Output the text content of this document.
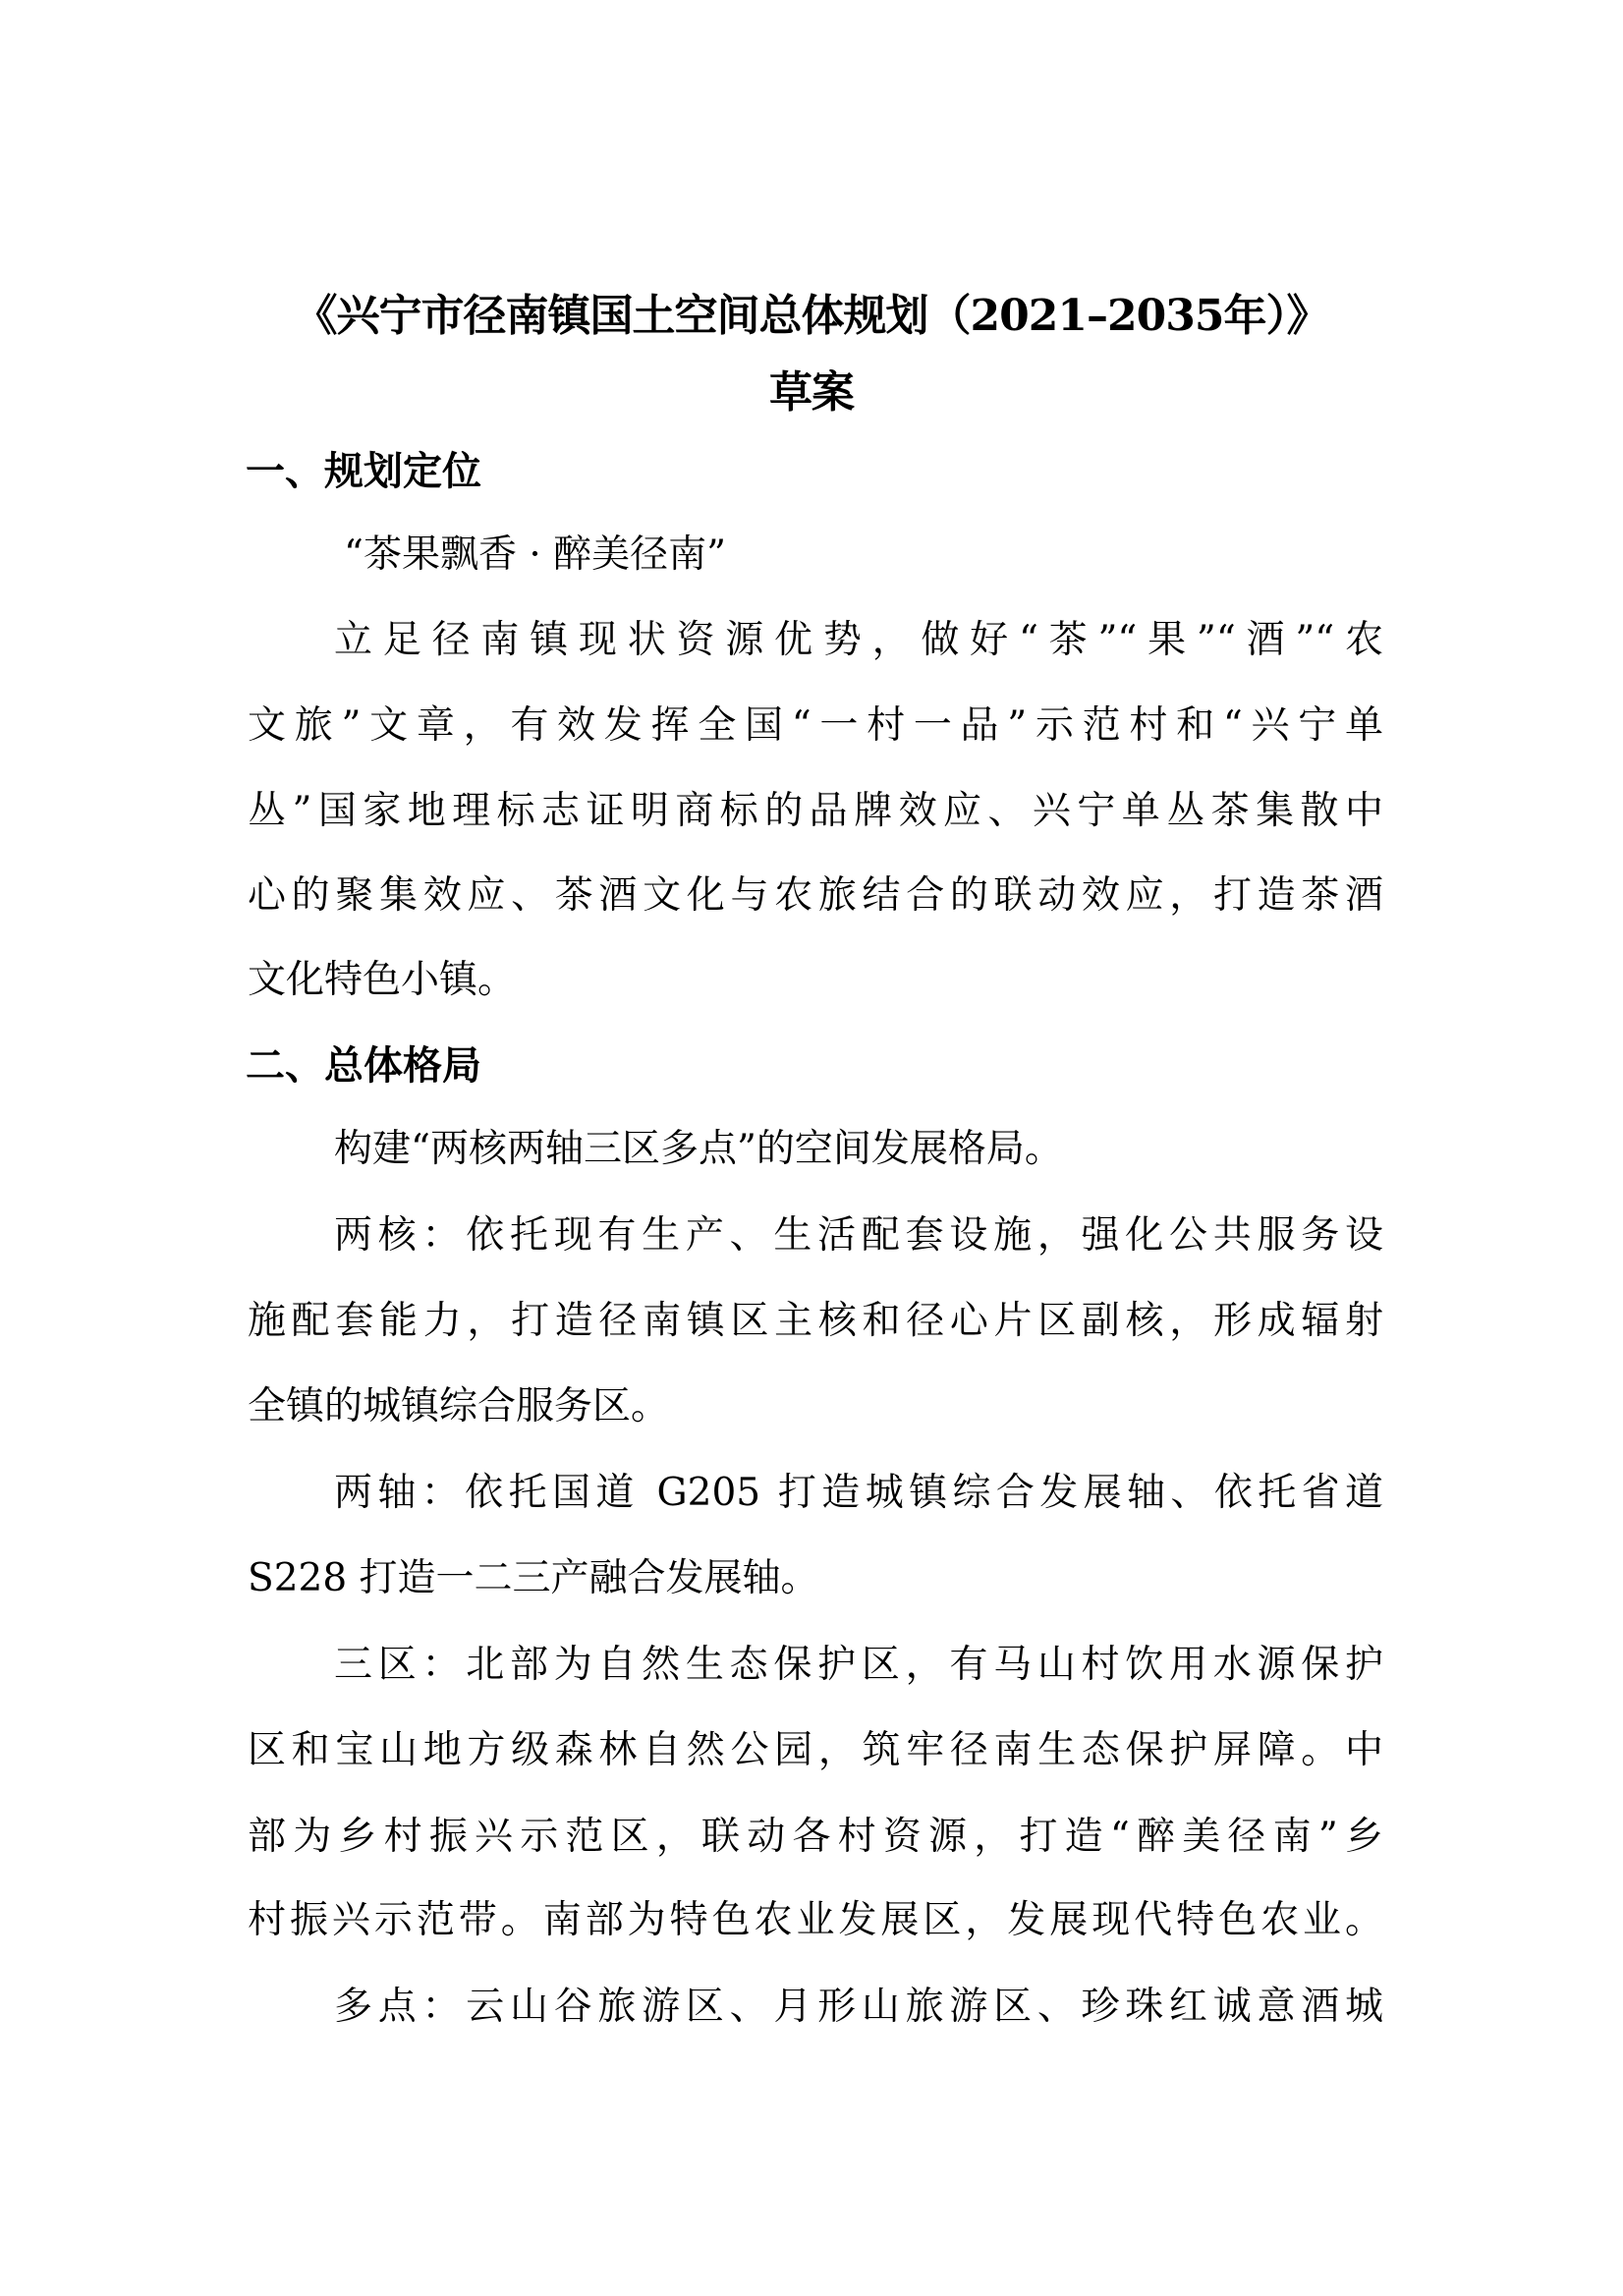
《兴宁市径南镇国土空间总体规划（2021–2035年）》
草案
一、规划定位
“茶果飘香 · 醉美径南”
立足径南镇现状资源优势，做好“茶”“果”“酒”“农
文旅”文章，有效发挥全国“一村一品”示范村和“兴宁单
丛”国家地理标志证明商标的品牌效应、兴宁单丛茶集散中
心的聚集效应、茶酒文化与农旅结合的联动效应，打造茶酒
文化特色小镇。
二、总体格局
构建“两核两轴三区多点”的空间发展格局。
两核：依托现有生产、生活配套设施，强化公共服务设
施配套能力，打造径南镇区主核和径心片区副核，形成辐射
全镇的城镇综合服务区。
两轴：依托国道 G205 打造城镇综合发展轴、依托省道
S228 打造一二三产融合发展轴。
三区：北部为自然生态保护区，有马山村饮用水源保护
区和宝山地方级森林自然公园，筑牢径南生态保护屏障。中
部为乡村振兴示范区，联动各村资源，打造“醉美径南”乡
村振兴示范带。南部为特色农业发展区，发展现代特色农业。
多点：云山谷旅游区、月形山旅游区、珍珠红诚意酒城
